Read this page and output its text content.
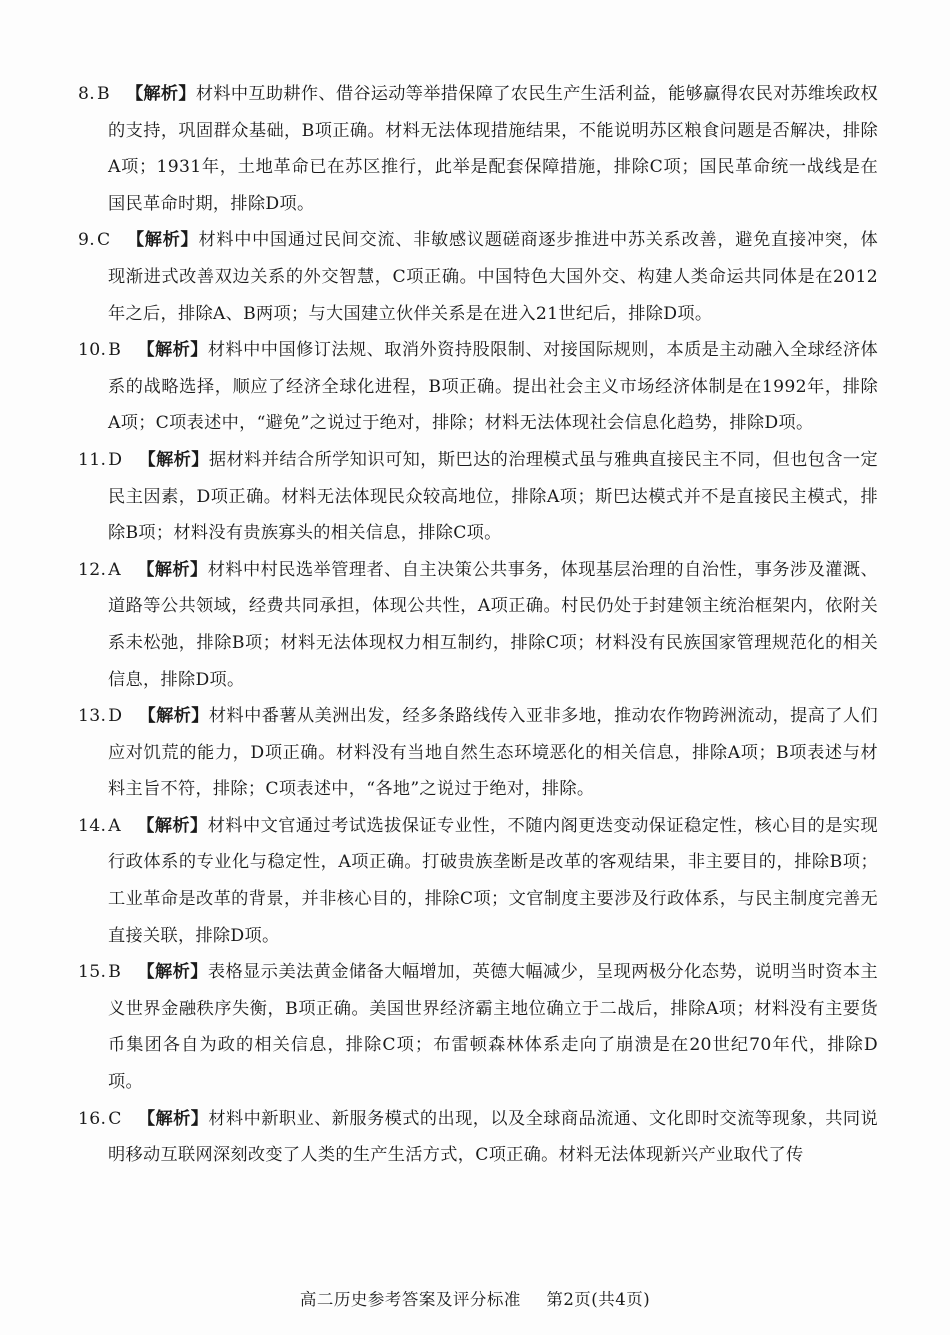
8. B 【解析】材料中互助耕作、借谷运动等举措保障了农民生产生活利益，能够赢得农民对苏维埃政权的支持，巩固群众基础，B项正确。材料无法体现措施结果，不能说明苏区粮食问题是否解决，排除A项；1931年，土地革命已在苏区推行，此举是配套保障措施，排除C项；国民革命统一战线是在国民革命时期，排除D项。

9. C 【解析】材料中中国通过民间交流、非敏感议题磋商逐步推进中苏关系改善，避免直接冲突，体现渐进式改善双边关系的外交智慧，C项正确。中国特色大国外交、构建人类命运共同体是在2012年之后，排除A、B两项；与大国建立伙伴关系是在进入21世纪后，排除D项。

10. B 【解析】材料中中国修订法规、取消外资持股限制、对接国际规则，本质是主动融入全球经济体系的战略选择，顺应了经济全球化进程，B项正确。提出社会主义市场经济体制是在1992年，排除A项；C项表述中，“避免”之说过于绝对，排除；材料无法体现社会信息化趋势，排除D项。

11. D 【解析】据材料并结合所学知识可知，斯巴达的治理模式虽与雅典直接民主不同，但也包含一定民主因素，D项正确。材料无法体现民众较高地位，排除A项；斯巴达模式并不是直接民主模式，排除B项；材料没有贵族寡头的相关信息，排除C项。

12. A 【解析】材料中村民选举管理者、自主决策公共事务，体现基层治理的自治性，事务涉及灌溉、道路等公共领域，经费共同承担，体现公共性，A项正确。村民仍处于封建领主统治框架内，依附关系未松弛，排除B项；材料无法体现权力相互制约，排除C项；材料没有民族国家管理规范化的相关信息，排除D项。

13. D 【解析】材料中番薯从美洲出发，经多条路线传入亚非多地，推动农作物跨洲流动，提高了人们应对饥荒的能力，D项正确。材料没有当地自然生态环境恶化的相关信息，排除A项；B项表述与材料主旨不符，排除；C项表述中，“各地”之说过于绝对，排除。

14. A 【解析】材料中文官通过考试选拔保证专业性，不随内阁更迭变动保证稳定性，核心目的是实现行政体系的专业化与稳定性，A项正确。打破贵族垄断是改革的客观结果，非主要目的，排除B项；工业革命是改革的背景，并非核心目的，排除C项；文官制度主要涉及行政体系，与民主制度完善无直接关联，排除D项。

15. B 【解析】表格显示美法黄金储备大幅增加，英德大幅减少，呈现两极分化态势，说明当时资本主义世界金融秩序失衡，B项正确。美国世界经济霸主地位确立于二战后，排除A项；材料没有主要货币集团各自为政的相关信息，排除C项；布雷顿森林体系走向了崩溃是在20世纪70年代，排除D项。

16. C 【解析】材料中新职业、新服务模式的出现，以及全球商品流通、文化即时交流等现象，共同说明移动互联网深刻改变了人类的生产生活方式，C项正确。材料无法体现新兴产业取代了传

高二历史参考答案及评分标准 第2页(共4页)
